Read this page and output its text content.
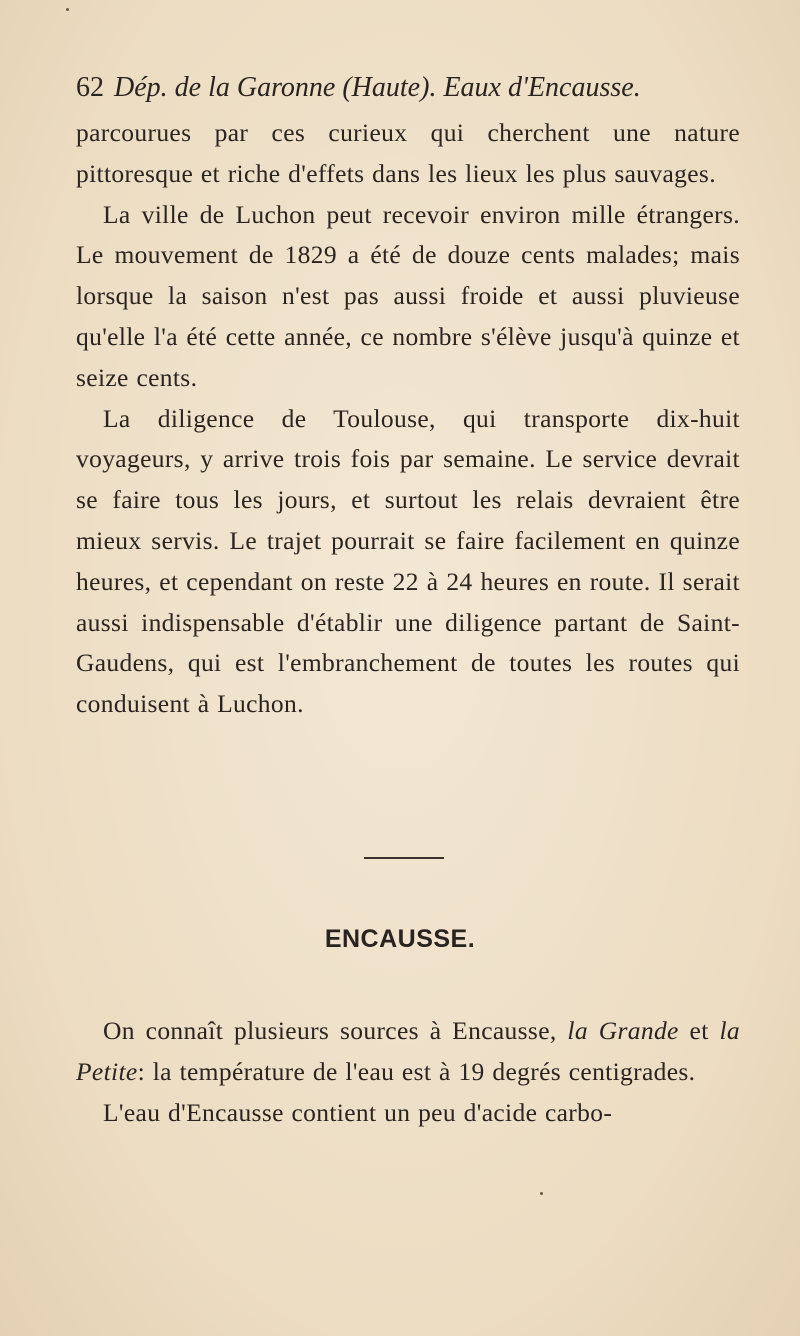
62 Dép. de la Garonne (Haute). Eaux d'Encausse.

parcourues par ces curieux qui cherchent une nature pittoresque et riche d'effets dans les lieux les plus sauvages.

La ville de Luchon peut recevoir environ mille étrangers. Le mouvement de 1829 a été de douze cents malades; mais lorsque la saison n'est pas aussi froide et aussi pluvieuse qu'elle l'a été cette année, ce nombre s'élève jusqu'à quinze et seize cents.

La diligence de Toulouse, qui transporte dix-huit voyageurs, y arrive trois fois par semaine. Le service devrait se faire tous les jours, et surtout les relais devraient être mieux servis. Le trajet pourrait se faire facilement en quinze heures, et cependant on reste 22 à 24 heures en route. Il serait aussi indispensable d'établir une diligence partant de Saint-Gaudens, qui est l'embranchement de toutes les routes qui conduisent à Luchon.

ENCAUSSE.

On connaît plusieurs sources à Encausse, la Grande et la Petite: la température de l'eau est à 19 degrés centigrades.

L'eau d'Encausse contient un peu d'acide carbo-
